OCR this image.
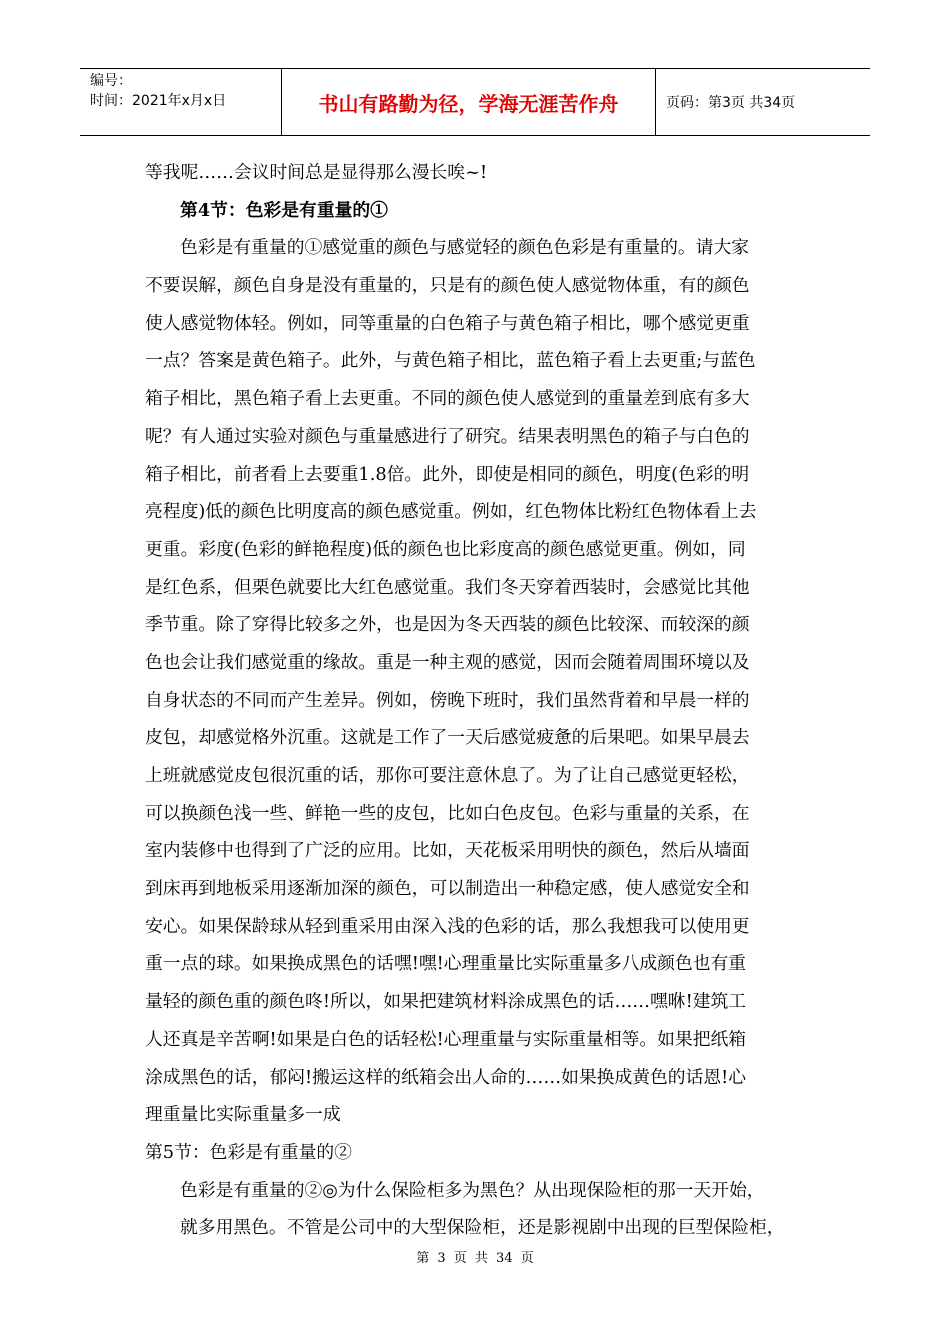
编号：
时间：2021年x月x日	书山有路勤为径，学海无涯苦作舟	页码：第3页 共34页
等我呢……会议时间总是显得那么漫长唉~!
第4节：色彩是有重量的①
色彩是有重量的①感觉重的颜色与感觉轻的颜色色彩是有重量的。请大家
不要误解，颜色自身是没有重量的，只是有的颜色使人感觉物体重，有的颜色
使人感觉物体轻。例如，同等重量的白色箱子与黄色箱子相比，哪个感觉更重
一点？答案是黄色箱子。此外，与黄色箱子相比，蓝色箱子看上去更重;与蓝色
箱子相比，黑色箱子看上去更重。不同的颜色使人感觉到的重量差到底有多大
呢？有人通过实验对颜色与重量感进行了研究。结果表明黑色的箱子与白色的
箱子相比，前者看上去要重1.8倍。此外，即使是相同的颜色，明度(色彩的明
亮程度)低的颜色比明度高的颜色感觉重。例如，红色物体比粉红色物体看上去
更重。彩度(色彩的鲜艳程度)低的颜色也比彩度高的颜色感觉更重。例如，同
是红色系，但栗色就要比大红色感觉重。我们冬天穿着西装时，会感觉比其他
季节重。除了穿得比较多之外，也是因为冬天西装的颜色比较深、而较深的颜
色也会让我们感觉重的缘故。重是一种主观的感觉，因而会随着周围环境以及
自身状态的不同而产生差异。例如，傍晚下班时，我们虽然背着和早晨一样的
皮包，却感觉格外沉重。这就是工作了一天后感觉疲惫的后果吧。如果早晨去
上班就感觉皮包很沉重的话，那你可要注意休息了。为了让自己感觉更轻松，
可以换颜色浅一些、鲜艳一些的皮包，比如白色皮包。色彩与重量的关系，在
室内装修中也得到了广泛的应用。比如，天花板采用明快的颜色，然后从墙面
到床再到地板采用逐渐加深的颜色，可以制造出一种稳定感，使人感觉安全和
安心。如果保龄球从轻到重采用由深入浅的色彩的话，那么我想我可以使用更
重一点的球。如果换成黑色的话嘿!嘿!心理重量比实际重量多八成颜色也有重
量轻的颜色重的颜色咚!所以，如果把建筑材料涂成黑色的话……嘿咻!建筑工
人还真是辛苦啊!如果是白色的话轻松!心理重量与实际重量相等。如果把纸箱
涂成黑色的话，郁闷!搬运这样的纸箱会出人命的……如果换成黄色的话恩!心
理重量比实际重量多一成
第5节：色彩是有重量的②
色彩是有重量的②◎为什么保险柜多为黑色？从出现保险柜的那一天开始，
就多用黑色。不管是公司中的大型保险柜，还是影视剧中出现的巨型保险柜，
第 3 页 共 34 页
